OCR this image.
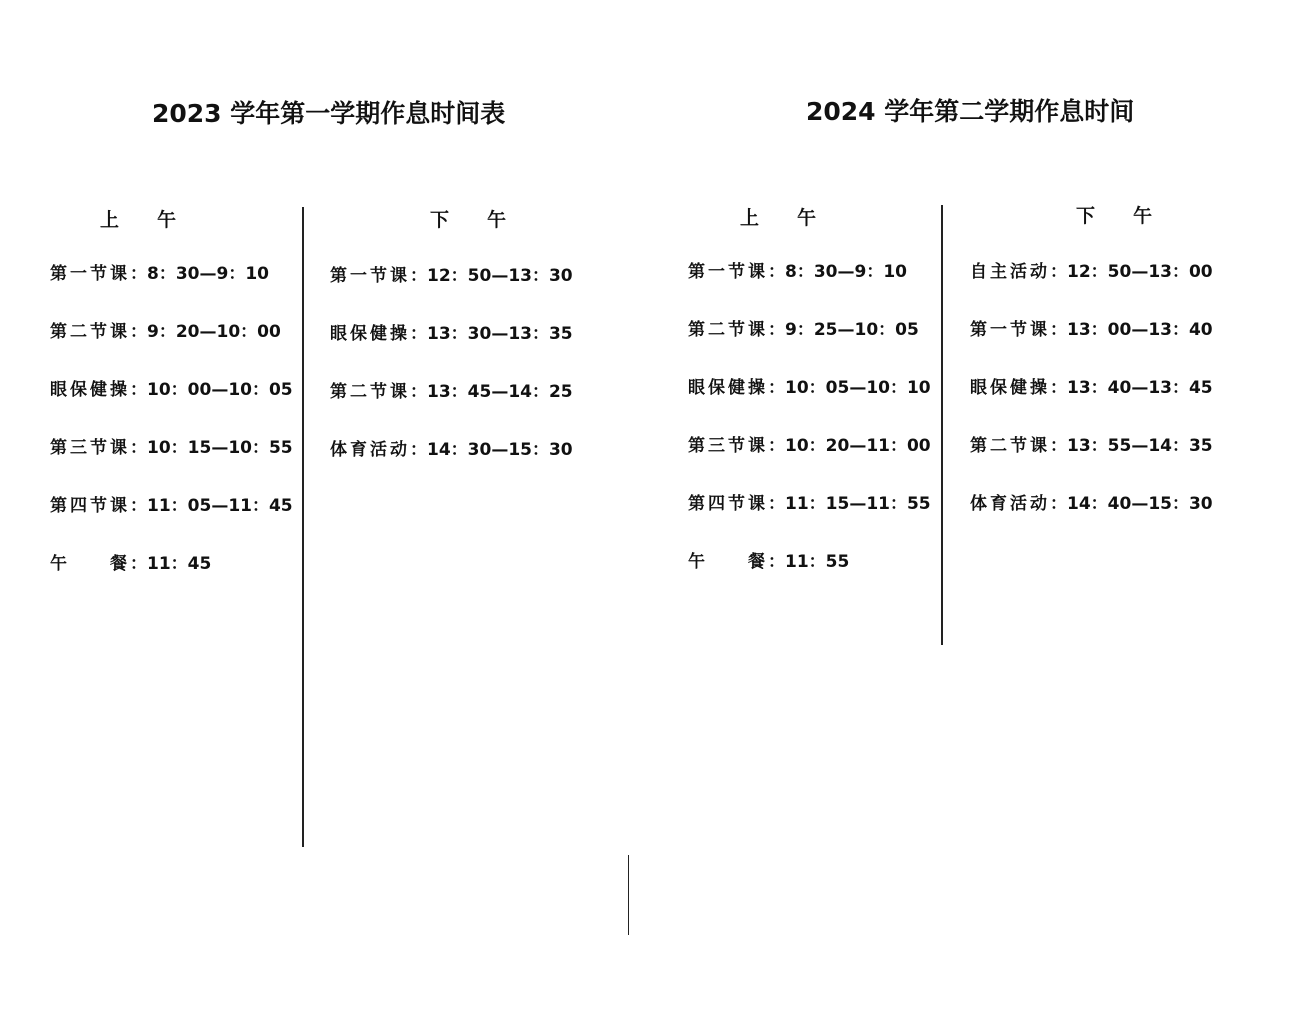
2023 学年第一学期作息时间表
上　　午	下　　午
第一节课：8：30—9：10
第二节课：9：20—10：00
眼保健操：10：00—10：05
第三节课：10：15—10：55
第四节课：11：05—11：45
午　　餐：11：45
第一节课：12：50—13：30
眼保健操：13：30—13：35
第二节课：13：45—14：25
体育活动：14：30—15：30
2024 学年第二学期作息时间
上　　午	下　　午
第一节课：8：30—9：10
第二节课：9：25—10：05
眼保健操：10：05—10：10
第三节课：10：20—11：00
第四节课：11：15—11：55
午　　餐：11：55
自主活动：12：50—13：00
第一节课：13：00—13：40
眼保健操：13：40—13：45
第二节课：13：55—14：35
体育活动：14：40—15：30
